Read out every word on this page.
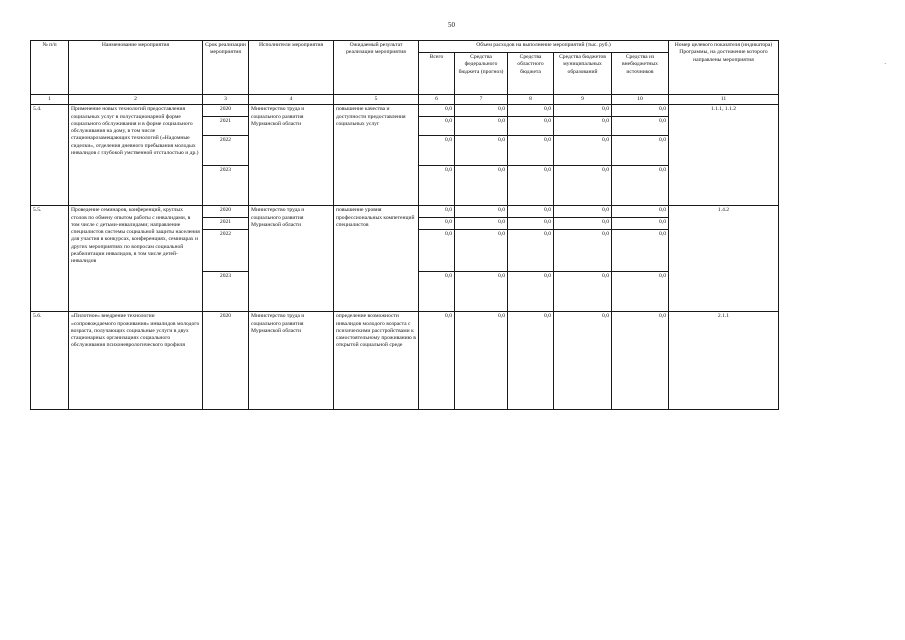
50
·
№ п/п	Наименование мероприятия	Срок реализации мероприятия	Исполнители мероприятия	Ожидаемый результат реализации мероприятия	Объем расходов на выполнение мероприятий (тыс. руб.)					Номер целевого показателя (индикатора) Программы, на достижение которого направлены мероприятия
					Всего	Средства федерального бюджета (прогноз)	Средства областного бюджета	Средства бюджетов муниципальных образований	Средства из внебюджетных источников	
1	2	3	4	5	6	7	8	9	10	11
5.4.	Применение новых технологий предоставления социальных услуг в полустационарной форме социального обслуживания и в форме социального обслуживания на дому, в том числе стационарозамещающих технологий («Надомные сиделки», отделения дневного пребывания молодых инвалидов с глубокой умственной отсталостью и др.)	2020	Министерство труда и социального развития Мурманской области	повышение качества и доступности предоставления социальных услуг	0,0	0,0	0,0	0,0	0,0	1.1.1, 1.1.2
		2021			0,0	0,0	0,0	0,0	0,0	
		2022			0,0	0,0	0,0	0,0	0,0	
		2023			0,0	0,0	0,0	0,0	0,0	
5.5.	Проведение семинаров, конференций, круглых столов по обмену опытом работы с инвалидами, в том числе с детьми-инвалидами; направление специалистов системы социальной защиты населения для участия в конкурсах, конференциях, семинарах и других мероприятиях по вопросам социальной реабилитации инвалидов, в том числе детей-инвалидов	2020	Министерство труда и социального развития Мурманской области	повышение уровня профессиональных компетенций специалистов	0,0	0,0	0,0	0,0	0,0	1.4.2
		2021			0,0	0,0	0,0	0,0	0,0	
		2022			0,0	0,0	0,0	0,0	0,0	
		2023			0,0	0,0	0,0	0,0	0,0	
5.6.	«Пилотное» внедрение технологии «сопровождаемого проживания» инвалидов молодого возраста, получающих социальные услуги в двух стационарных организациях социального обслуживания психоневрологического профиля	2020	Министерство труда и социального развития Мурманской области	определение возможности инвалидов молодого возраста с психическими расстройствами к самостоятельному проживанию в открытой социальной среде	0,0	0,0	0,0	0,0	0,0	2.1.1
